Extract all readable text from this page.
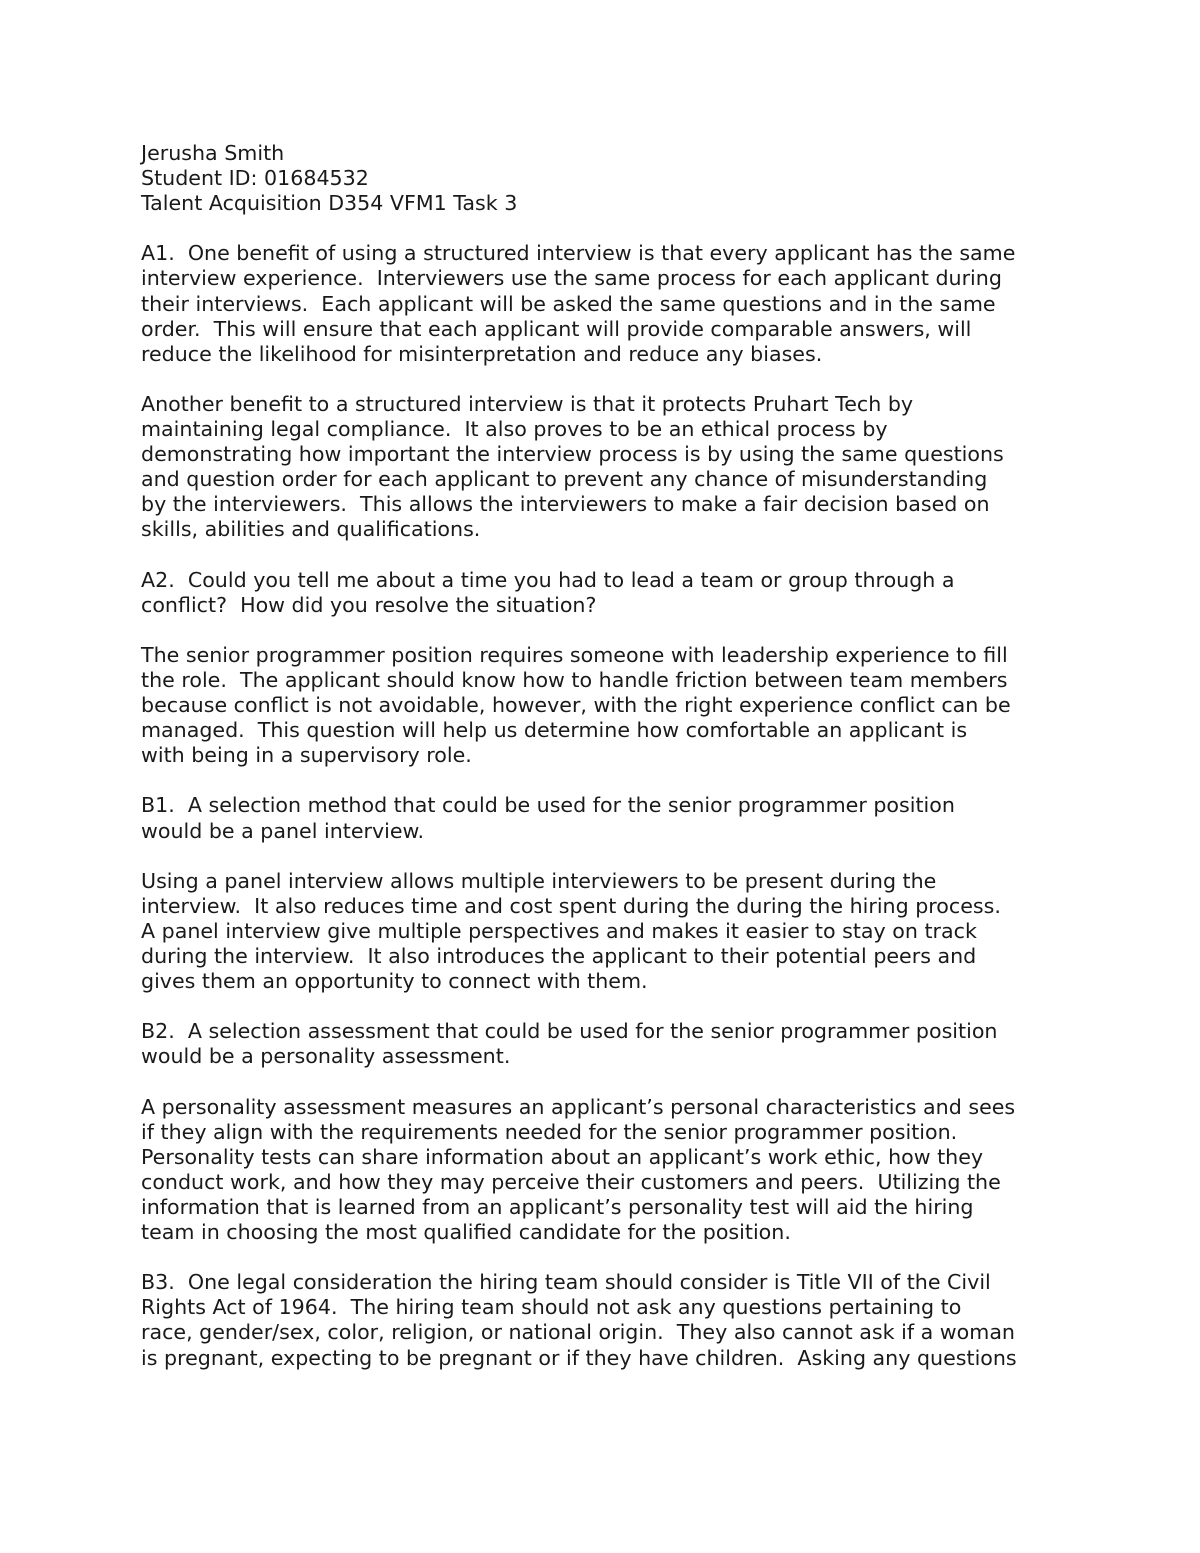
Jerusha Smith
Student ID: 01684532
Talent Acquisition D354 VFM1 Task 3
A1.  One benefit of using a structured interview is that every applicant has the same
interview experience.  Interviewers use the same process for each applicant during
their interviews.  Each applicant will be asked the same questions and in the same
order.  This will ensure that each applicant will provide comparable answers, will
reduce the likelihood for misinterpretation and reduce any biases.
Another benefit to a structured interview is that it protects Pruhart Tech by
maintaining legal compliance.  It also proves to be an ethical process by
demonstrating how important the interview process is by using the same questions
and question order for each applicant to prevent any chance of misunderstanding
by the interviewers.  This allows the interviewers to make a fair decision based on
skills, abilities and qualifications.
A2.  Could you tell me about a time you had to lead a team or group through a
conflict?  How did you resolve the situation?
The senior programmer position requires someone with leadership experience to fill
the role.  The applicant should know how to handle friction between team members
because conflict is not avoidable, however, with the right experience conflict can be
managed.  This question will help us determine how comfortable an applicant is
with being in a supervisory role.
B1.  A selection method that could be used for the senior programmer position
would be a panel interview.
Using a panel interview allows multiple interviewers to be present during the
interview.  It also reduces time and cost spent during the during the hiring process.
A panel interview give multiple perspectives and makes it easier to stay on track
during the interview.  It also introduces the applicant to their potential peers and
gives them an opportunity to connect with them.
B2.  A selection assessment that could be used for the senior programmer position
would be a personality assessment.
A personality assessment measures an applicant’s personal characteristics and sees
if they align with the requirements needed for the senior programmer position.
Personality tests can share information about an applicant’s work ethic, how they
conduct work, and how they may perceive their customers and peers.  Utilizing the
information that is learned from an applicant’s personality test will aid the hiring
team in choosing the most qualified candidate for the position.
B3.  One legal consideration the hiring team should consider is Title VII of the Civil
Rights Act of 1964.  The hiring team should not ask any questions pertaining to
race, gender/sex, color, religion, or national origin.  They also cannot ask if a woman
is pregnant, expecting to be pregnant or if they have children.  Asking any questions
